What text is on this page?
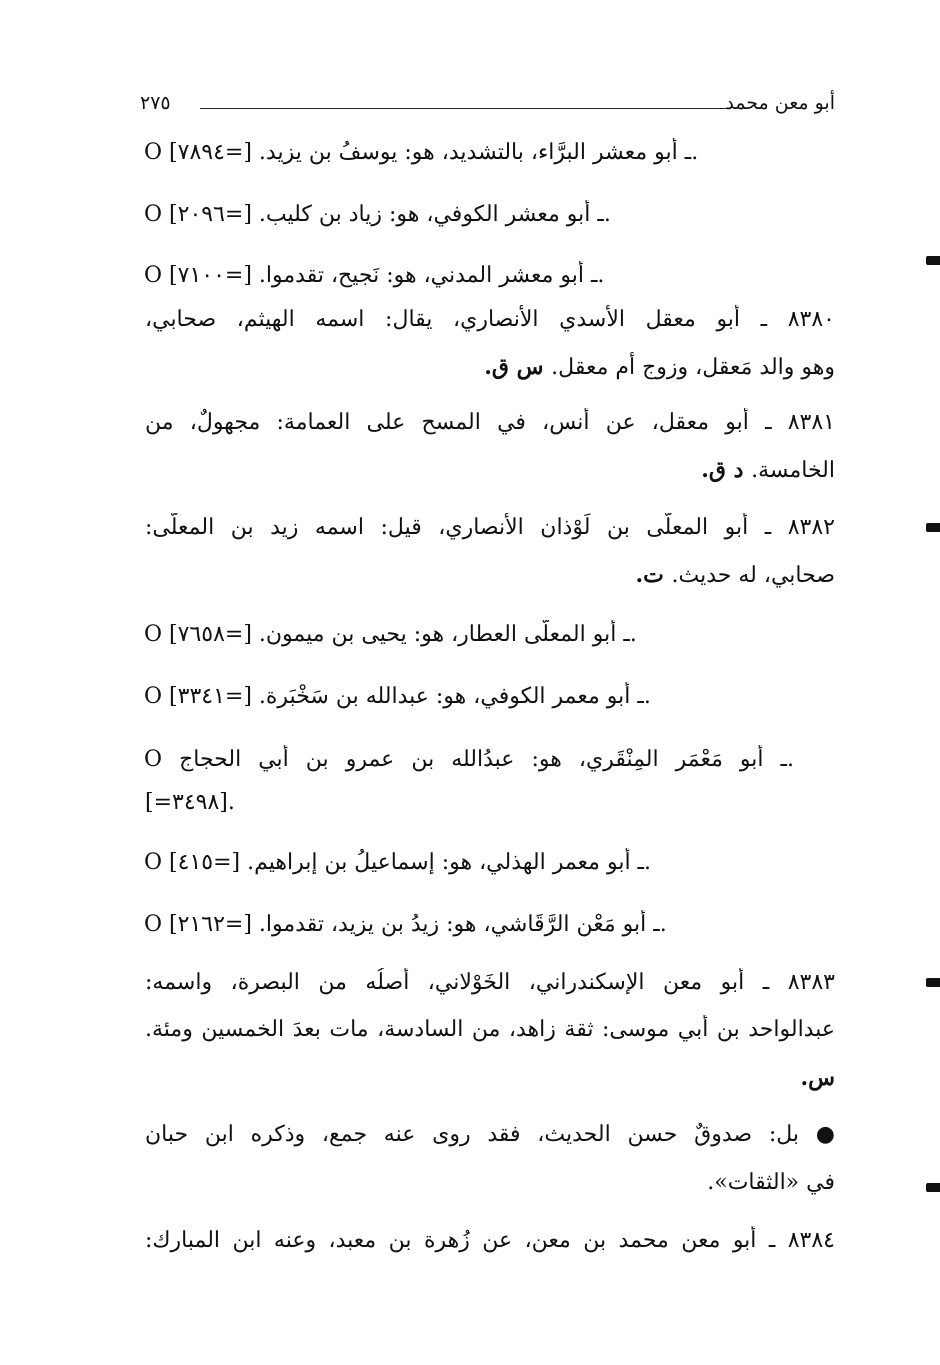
أبو معن محمد
٢٧٥
O ـ أبو معشر البرَّاء، بالتشديد، هو: يوسفُ بن يزيد. [=٧٨٩٤].
O ـ أبو معشر الكوفي، هو: زياد بن كليب. [=٢٠٩٦].
O ـ أبو معشر المدني، هو: نَجيح، تقدموا. [=٧١٠٠].
٨٣٨٠ ـ أبو معقل الأسدي الأنصاري، يقال: اسمه الهيثم، صحابي،
وهو والد مَعقل، وزوج أم معقل. س ق.
٨٣٨١ ـ أبو معقل، عن أنس، في المسح على العمامة: مجهولٌ، من
الخامسة. د ق.
٨٣٨٢ ـ أبو المعلَّى بن لَوْذان الأنصاري، قيل: اسمه زيد بن المعلَّى:
صحابي، له حديث. ت.
O ـ أبو المعلَّى العطار، هو: يحيى بن ميمون. [=٧٦٥٨].
O ـ أبو معمر الكوفي، هو: عبدالله بن سَخْبَرة. [=٣٣٤١].
O ـ أبو مَعْمَر المِنْقَري، هو: عبدُالله بن عمرو بن أبي الحجاج.
[=٣٤٩٨].
O ـ أبو معمر الهذلي، هو: إسماعيلُ بن إبراهيم. [=٤١٥].
O ـ أبو مَعْن الرَّقَاشي، هو: زيدُ بن يزيد، تقدموا. [=٢١٦٢].
٨٣٨٣ ـ أبو معن الإسكندراني، الخَوْلاني، أصلُه من البصرة، واسمه:
عبدالواحد بن أبي موسى: ثقة زاهد، من السادسة، مات بعدَ الخمسين ومئة.
س.
● بل: صدوقٌ حسن الحديث، فقد روى عنه جمع، وذكره ابن حبان
في «الثقات».
٨٣٨٤ ـ أبو معن محمد بن معن، عن زُهرة بن معبد، وعنه ابن المبارك:
